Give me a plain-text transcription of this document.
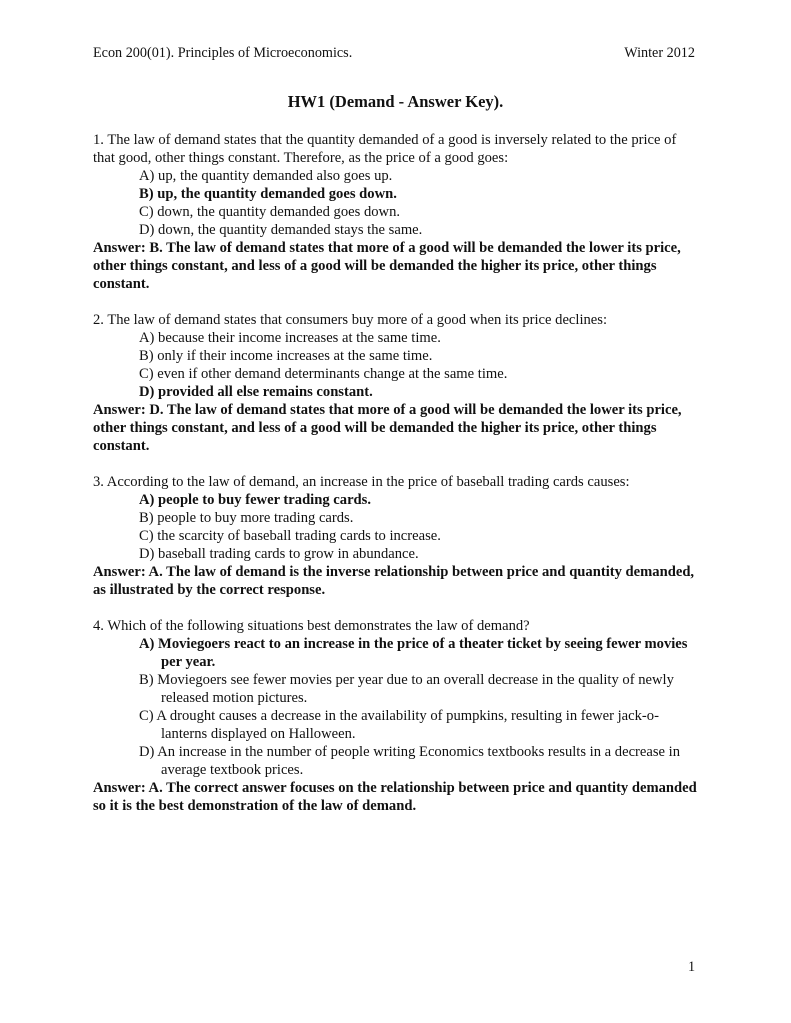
Econ 200(01). Principles of Microeconomics.	Winter 2012
HW1 (Demand - Answer Key).

1. The law of demand states that the quantity demanded of a good is inversely related to the price of that good, other things constant. Therefore, as the price of a good goes:

A) up, the quantity demanded also goes up.
B) up, the quantity demanded goes down.
C) down, the quantity demanded goes down.
D) down, the quantity demanded stays the same.

Answer: B. The law of demand states that more of a good will be demanded the lower its price, other things constant, and less of a good will be demanded the higher its price, other things constant.

2. The law of demand states that consumers buy more of a good when its price declines:

A) because their income increases at the same time.
B) only if their income increases at the same time.
C) even if other demand determinants change at the same time.
D) provided all else remains constant.

Answer: D. The law of demand states that more of a good will be demanded the lower its price, other things constant, and less of a good will be demanded the higher its price, other things constant.

3. According to the law of demand, an increase in the price of baseball trading cards causes:

A) people to buy fewer trading cards.
B) people to buy more trading cards.
C) the scarcity of baseball trading cards to increase.
D) baseball trading cards to grow in abundance.

Answer: A. The law of demand is the inverse relationship between price and quantity demanded, as illustrated by the correct response.

4. Which of the following situations best demonstrates the law of demand?

A) Moviegoers react to an increase in the price of a theater ticket by seeing fewer movies per year.
B) Moviegoers see fewer movies per year due to an overall decrease in the quality of newly released motion pictures.
C) A drought causes a decrease in the availability of pumpkins, resulting in fewer jack-o-lanterns displayed on Halloween.
D) An increase in the number of people writing Economics textbooks results in a decrease in average textbook prices.

Answer: A. The correct answer focuses on the relationship between price and quantity demanded so it is the best demonstration of the law of demand.

1
